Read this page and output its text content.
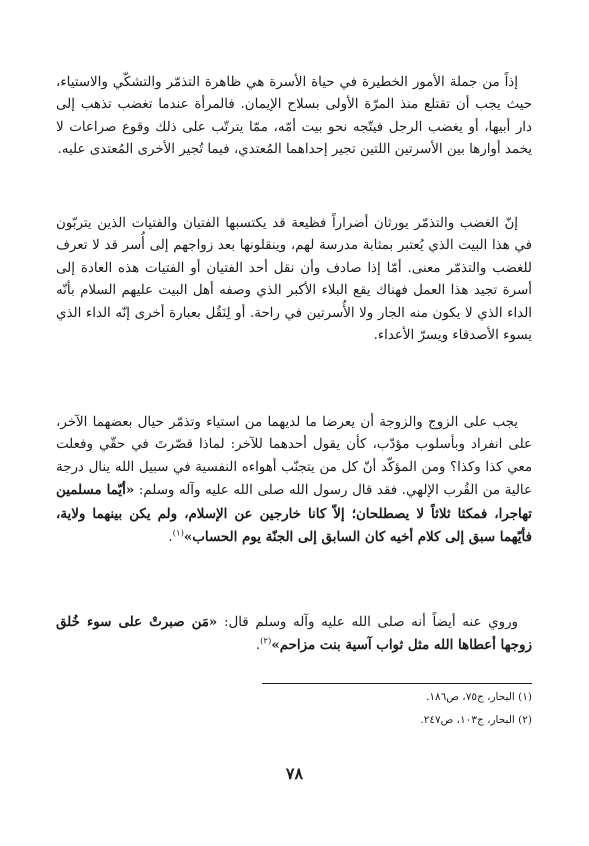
إذاً من جملة الأمور الخطيرة في حياة الأسرة هي ظاهرة التذمّر والتشكّي والاستياء، حيث يجب أن تقتلع منذ المرّة الأولى بسلاح الإيمان. فالمرأة عندما تغضب تذهب إلى دار أبيها، أو يغضب الرجل فيتّجه نحو بيت أمّه، ممّا يترتّب على ذلك وقوع صراعات لا يخمد أوارها بين الأسرتين اللتين تجير إحداهما المُعتدي، فيما تُجير الأخرى المُعتدى عليه.

إنّ الغضب والتذمّر يورثان أضراراً فظيعة قد يكتسبها الفتيان والفتيات الذين يتربّون في هذا البيت الذي يُعتبر بمثابة مدرسة لهم، وينقلونها بعد زواجهم إلى أُسر قد لا تعرف للغضب والتذمّر معنى. أمّا إذا صادف وأن نقل أحد الفتيان أو الفتيات هذه العادة إلى أسرة تجيد هذا العمل فهناك يقع البلاء الأكبر الذي وصفه أهل البيت عليهم السلام بأنّه الداء الذي لا يكون منه الجار ولا الأُسرتين في راحة. أو لِنَقُل بعبارة أخرى إنّه الداء الذي يسوء الأصدقاء ويسرّ الأعداء.

يجب على الزوج والزوجة أن يعرضا ما لديهما من استياء وتذمّر حيال بعضهما الآخر، على انفراد وبأسلوب مؤدّب، كأن يقول أحدهما للآخر: لماذا قصّرتَ في حقّي وفعلت معي كذا وكذا؟ ومن المؤكّد أنّ كل من يتجنّب أهواءه النفسية في سبيل الله ينال درجة عالية من القُرب الإلهي. فقد قال رسول الله صلى الله عليه وآله وسلم: «أيّما مسلمين تهاجرا، فمكثا ثلاثاً لا يصطلحان؛ إلاّ كانا خارجين عن الإسلام، ولم يكن بينهما ولاية، فأيّهما سبق إلى كلام أخيه كان السابق إلى الجنّة يوم الحساب»$^{(١)}$.

وروي عنه أيضاً أنه صلى الله عليه وآله وسلم قال: «مَن صبرتْ على سوء خُلق زوجها أعطاها الله مثل ثواب آسية بنت مزاحم»$^{(٢)}$.

(١) البحار، ج٧٥، ص١٨٦.

(٢) البحار، ج١٠٣، ص٢٤٧.

٧٨
